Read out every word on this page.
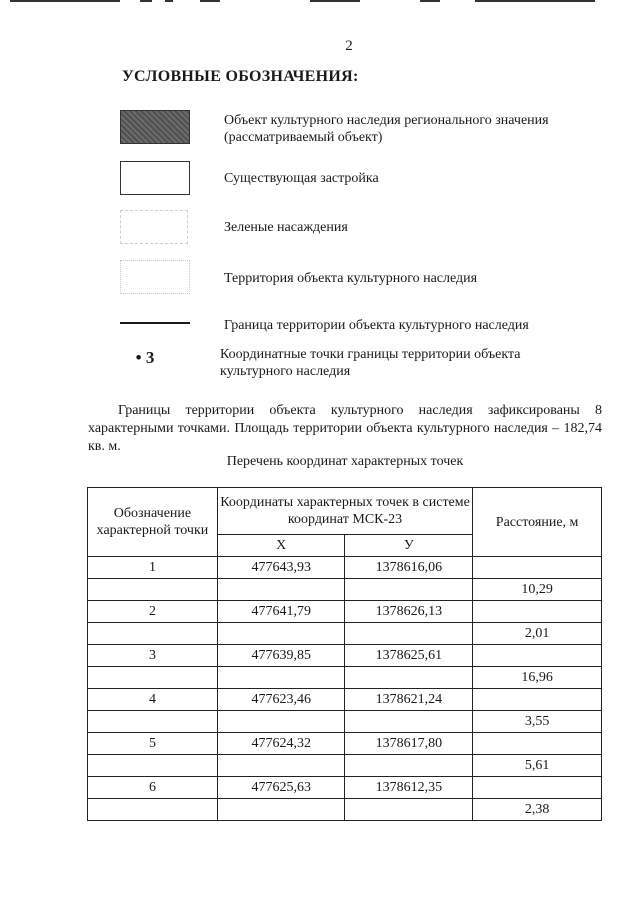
2
УСЛОВНЫЕ ОБОЗНАЧЕНИЯ:
Объект культурного наследия регионального значения (рассматриваемый объект)
Существующая застройка
Зеленые насаждения
Территория объекта культурного наследия
Граница территории объекта культурного наследия
• 3	Координатные точки границы территории объекта культурного наследия
Границы территории объекта культурного наследия зафиксированы 8 характерными точками. Площадь территории объекта культурного наследия – 182,74 кв. м.
Перечень координат характерных точек
Обозначение характерной точки	Координаты характерных точек в системе координат МСК-23		Расстояние, м
	Х	У	
1	477643,93	1378616,06	
			10,29
2	477641,79	1378626,13	
			2,01
3	477639,85	1378625,61	
			16,96
4	477623,46	1378621,24	
			3,55
5	477624,32	1378617,80	
			5,61
6	477625,63	1378612,35	
			2,38
